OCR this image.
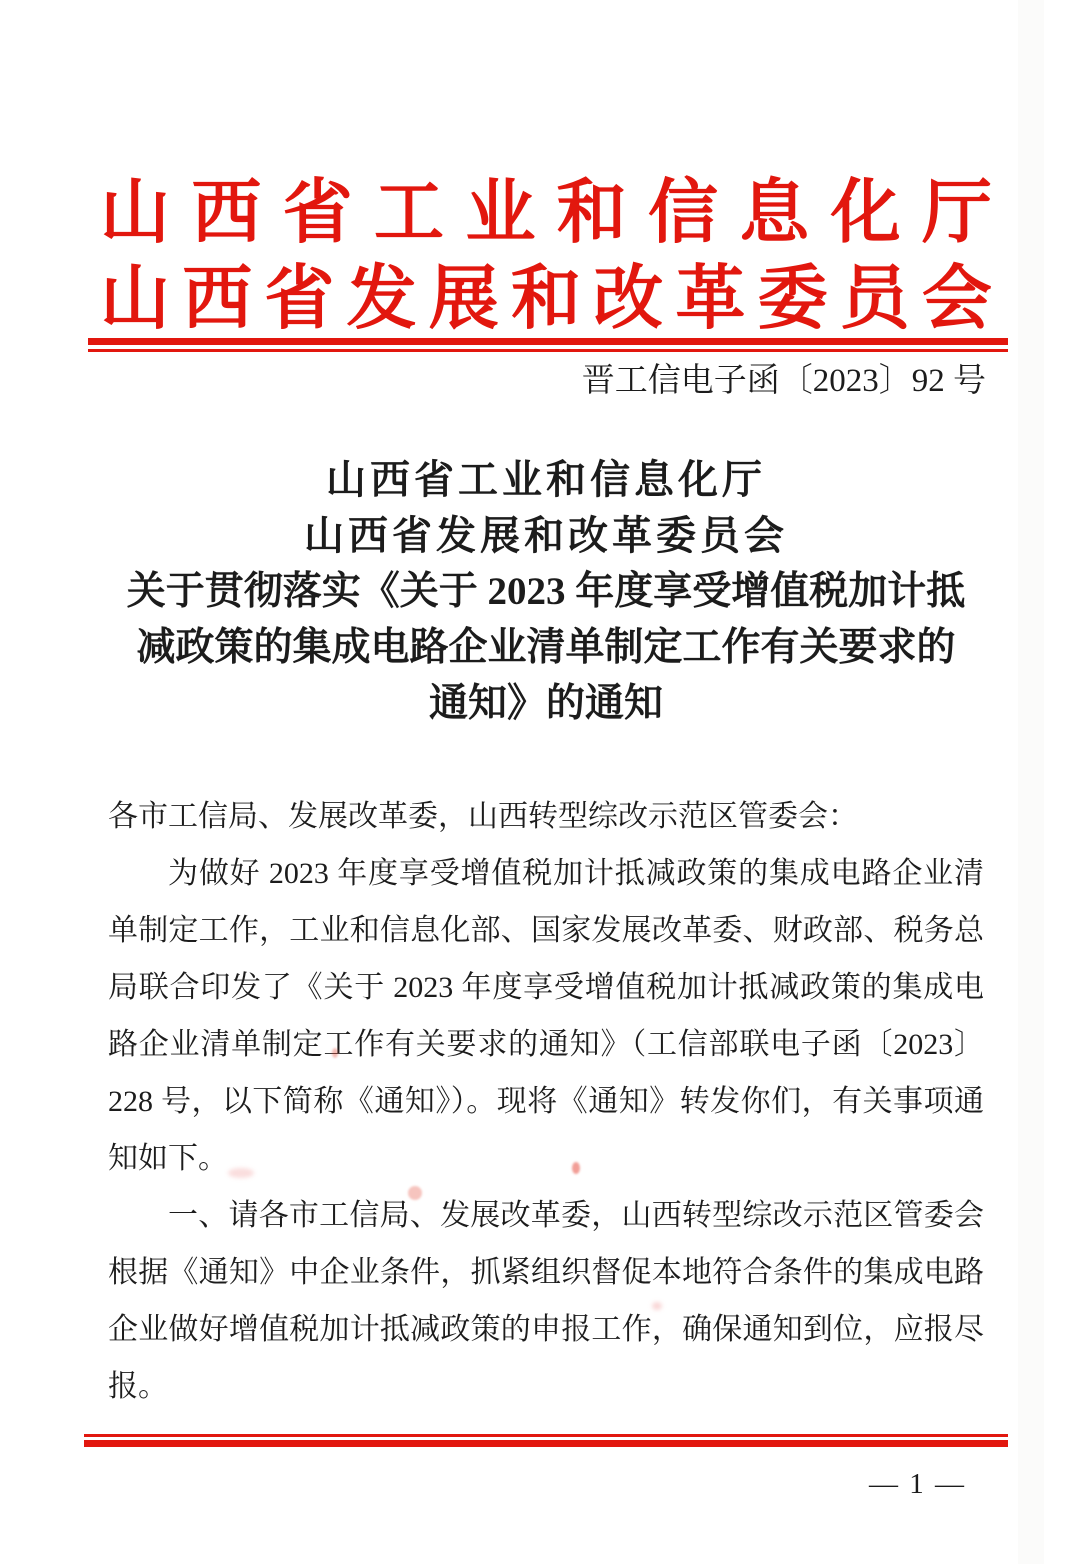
山 西 省 工 业 和 信 息 化 厅
山 西 省 发 展 和 改 革 委 员 会
晋工信电子函〔2023〕92 号
山西省工业和信息化厅
山西省发展和改革委员会
关于贯彻落实《关于 2023 年度享受增值税加计抵
减政策的集成电路企业清单制定工作有关要求的
通知》的通知

各市工信局、发展改革委，山西转型综改示范区管委会：

为做好 2023 年度享受增值税加计抵减政策的集成电路企业清单制定工作，工业和信息化部、国家发展改革委、财政部、税务总局联合印发了《关于 2023 年度享受增值税加计抵减政策的集成电路企业清单制定工作有关要求的通知》（工信部联电子函〔2023〕228 号，以下简称《通知》）。现将《通知》转发你们，有关事项通知如下。

一、请各市工信局、发展改革委，山西转型综改示范区管委会根据《通知》中企业条件，抓紧组织督促本地符合条件的集成电路企业做好增值税加计抵减政策的申报工作，确保通知到位，应报尽报。

— 1 —
